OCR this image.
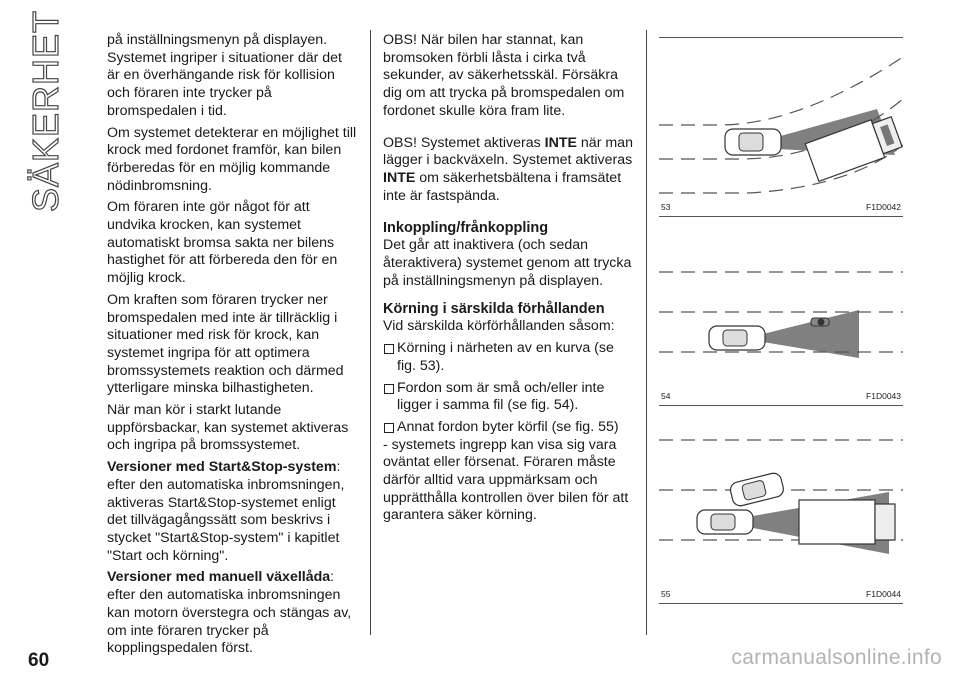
SÄKERHET	på inställningsmenyn på displayen. Systemet ingriper i situationer där det är en överhängande risk för kollision och föraren inte trycker på bromspedalen i tid.

Om systemet detekterar en möjlighet till krock med fordonet framför, kan bilen förberedas för en möjlig kommande nödinbromsning.

Om föraren inte gör något för att undvika krocken, kan systemet automatiskt bromsa sakta ner bilens hastighet för att förbereda den för en möjlig krock.

Om kraften som föraren trycker ner bromspedalen med inte är tillräcklig i situationer med risk för krock, kan systemet ingripa för att optimera bromssystemets reaktion och därmed ytterligare minska bilhastigheten.

När man kör i starkt lutande uppförsbackar, kan systemet aktiveras och ingripa på bromssystemet.

Versioner med Start&Stop-system:

efter den automatiska inbromsningen, aktiveras Start&Stop-systemet enligt det tillvägagångssätt som beskrivs i stycket "Start&Stop-system" i kapitlet "Start och körning".

Versioner med manuell växellåda:

efter den automatiska inbromsningen kan motorn överstegra och stängas av, om inte föraren trycker på kopplingspedalen först.

OBS! När bilen har stannat, kan bromsoken förbli låsta i cirka två sekunder, av säkerhetsskäl. Försäkra dig om att trycka på bromspedalen om fordonet skulle köra fram lite.

OBS! Systemet aktiveras INTE när man lägger i backväxeln. Systemet aktiveras INTE om säkerhetsbältena i framsätet inte är fastspända.

Inkoppling/frånkoppling

Det går att inaktivera (och sedan återaktivera) systemet genom att trycka på inställningsmenyn på displayen.

Körning i särskilda förhållanden

Vid särskilda körförhållanden såsom:

Körning i närheten av en kurva (se fig. 53).

Fordon som är små och/eller inte ligger i samma fil (se fig. 54).

Annat fordon byter körfil (se fig. 55)

- systemets ingrepp kan visa sig vara oväntat eller försenat. Föraren måste därför alltid vara uppmärksam och upprätthålla kontrollen över bilen för att garantera säker körning.

53	F1D0042
54	F1D0043
55	F1D0044
60	carmanualsonline.info
